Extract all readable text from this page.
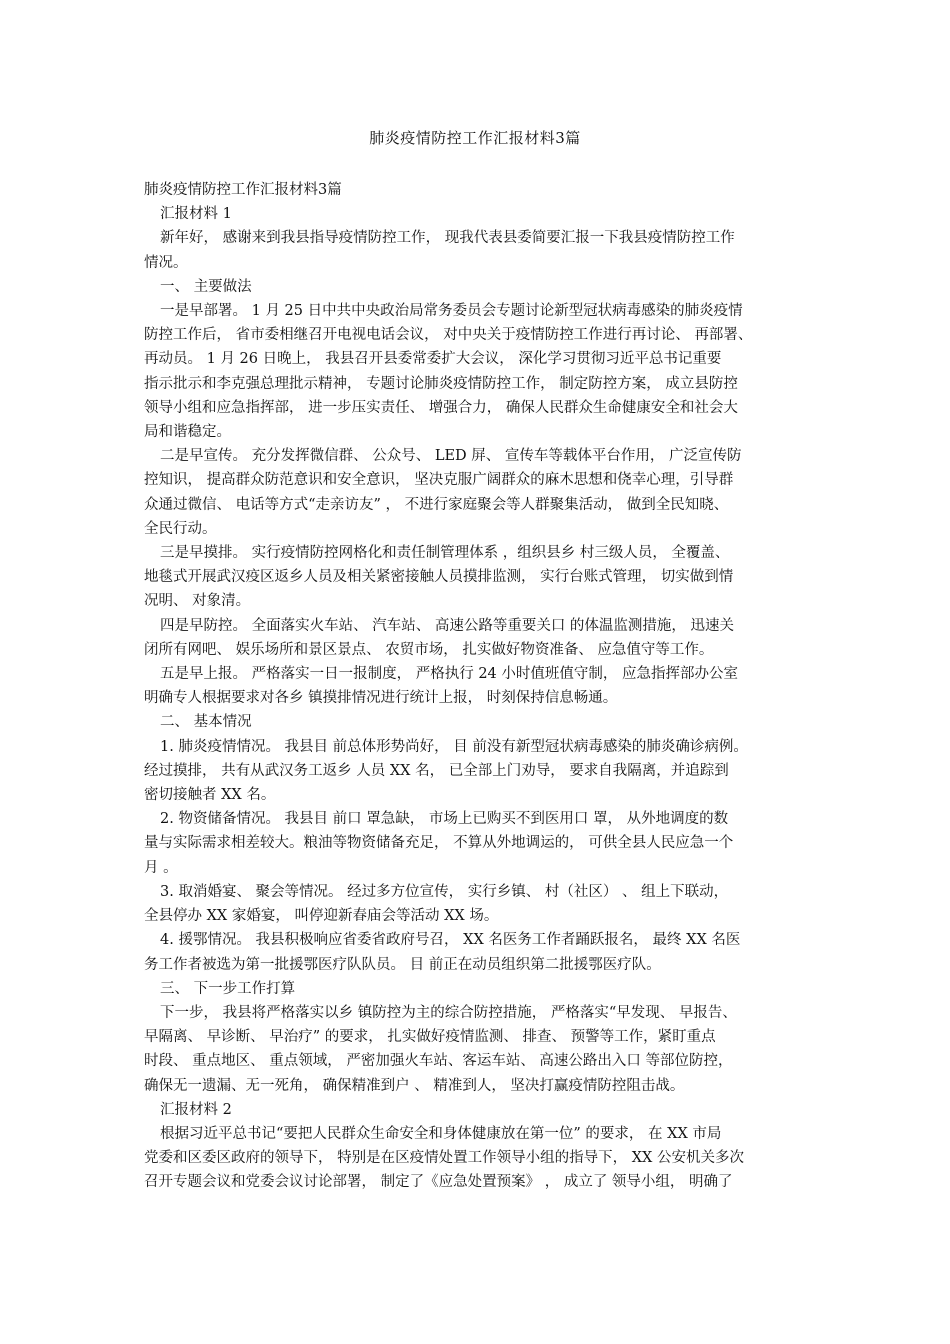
肺炎疫情防控工作汇报材料3篇

肺炎疫情防控工作汇报材料3篇

汇报材料 1

新年好， 感谢来到我县指导疫情防控工作， 现我代表县委简要汇报一下我县疫情防控工作

情况。

一、 主要做法

一是早部署。 1 月 25 日中共中央政治局常务委员会专题讨论新型冠状病毒感染的肺炎疫情

防控工作后， 省市委相继召开电视电话会议， 对中央关于疫情防控工作进行再讨论、 再部署、

再动员。 1 月 26 日晚上， 我县召开县委常委扩大会议， 深化学习贯彻习近平总书记重要

指示批示和李克强总理批示精神， 专题讨论肺炎疫情防控工作， 制定防控方案， 成立县防控

领导小组和应急指挥部， 进一步压实责任、 增强合力， 确保人民群众生命健康安全和社会大

局和谐稳定。

二是早宣传。 充分发挥微信群、 公众号、 LED 屏、 宣传车等载体平台作用， 广泛宣传防

控知识， 提高群众防范意识和安全意识， 坚决克服广阔群众的麻木思想和侥幸心理，引导群

众通过微信、 电话等方式“走亲访友” ， 不进行家庭聚会等人群聚集活动， 做到全民知晓、

全民行动。

三是早摸排。 实行疫情防控网格化和责任制管理体系 ，组织县乡 村三级人员， 全覆盖、

地毯式开展武汉疫区返乡人员及相关紧密接触人员摸排监测， 实行台账式管理， 切实做到情

况明、 对象清。

四是早防控。 全面落实火车站、 汽车站、 高速公路等重要关口 的体温监测措施， 迅速关

闭所有网吧、 娱乐场所和景区景点、 农贸市场， 扎实做好物资准备、 应急值守等工作。

五是早上报。 严格落实一日一报制度， 严格执行 24 小时值班值守制， 应急指挥部办公室

明确专人根据要求对各乡 镇摸排情况进行统计上报， 时刻保持信息畅通。

二、 基本情况

1. 肺炎疫情情况。 我县目 前总体形势尚好， 目 前没有新型冠状病毒感染的肺炎确诊病例。

经过摸排， 共有从武汉务工返乡 人员 XX 名， 已全部上门劝导， 要求自我隔离，并追踪到

密切接触者 XX 名。

2. 物资储备情况。 我县目 前口 罩急缺， 市场上已购买不到医用口 罩， 从外地调度的数

量与实际需求相差较大。粮油等物资储备充足， 不算从外地调运的， 可供全县人民应急一个

月 。

3. 取消婚宴、 聚会等情况。 经过多方位宣传， 实行乡镇、 村（社区） 、 组上下联动，

全县停办 XX 家婚宴， 叫停迎新春庙会等活动 XX 场。

4. 援鄂情况。 我县积极响应省委省政府号召， XX 名医务工作者踊跃报名， 最终 XX 名医

务工作者被选为第一批援鄂医疗队队员。 目 前正在动员组织第二批援鄂医疗队。

三、 下一步工作打算

下一步， 我县将严格落实以乡 镇防控为主的综合防控措施， 严格落实“早发现、 早报告、

早隔离、 早诊断、 早治疗” 的要求， 扎实做好疫情监测、 排查、 预警等工作，紧盯重点

时段、 重点地区、 重点领域， 严密加强火车站、客运车站、 高速公路出入口 等部位防控，

确保无一遗漏、无一死角， 确保精准到户 、 精准到人， 坚决打赢疫情防控阻击战。

汇报材料 2

根据习近平总书记“要把人民群众生命安全和身体健康放在第一位” 的要求， 在 XX 市局

党委和区委区政府的领导下， 特别是在区疫情处置工作领导小组的指导下， XX 公安机关多次

召开专题会议和党委会议讨论部署， 制定了《应急处置预案》 ， 成立了 领导小组， 明确了
